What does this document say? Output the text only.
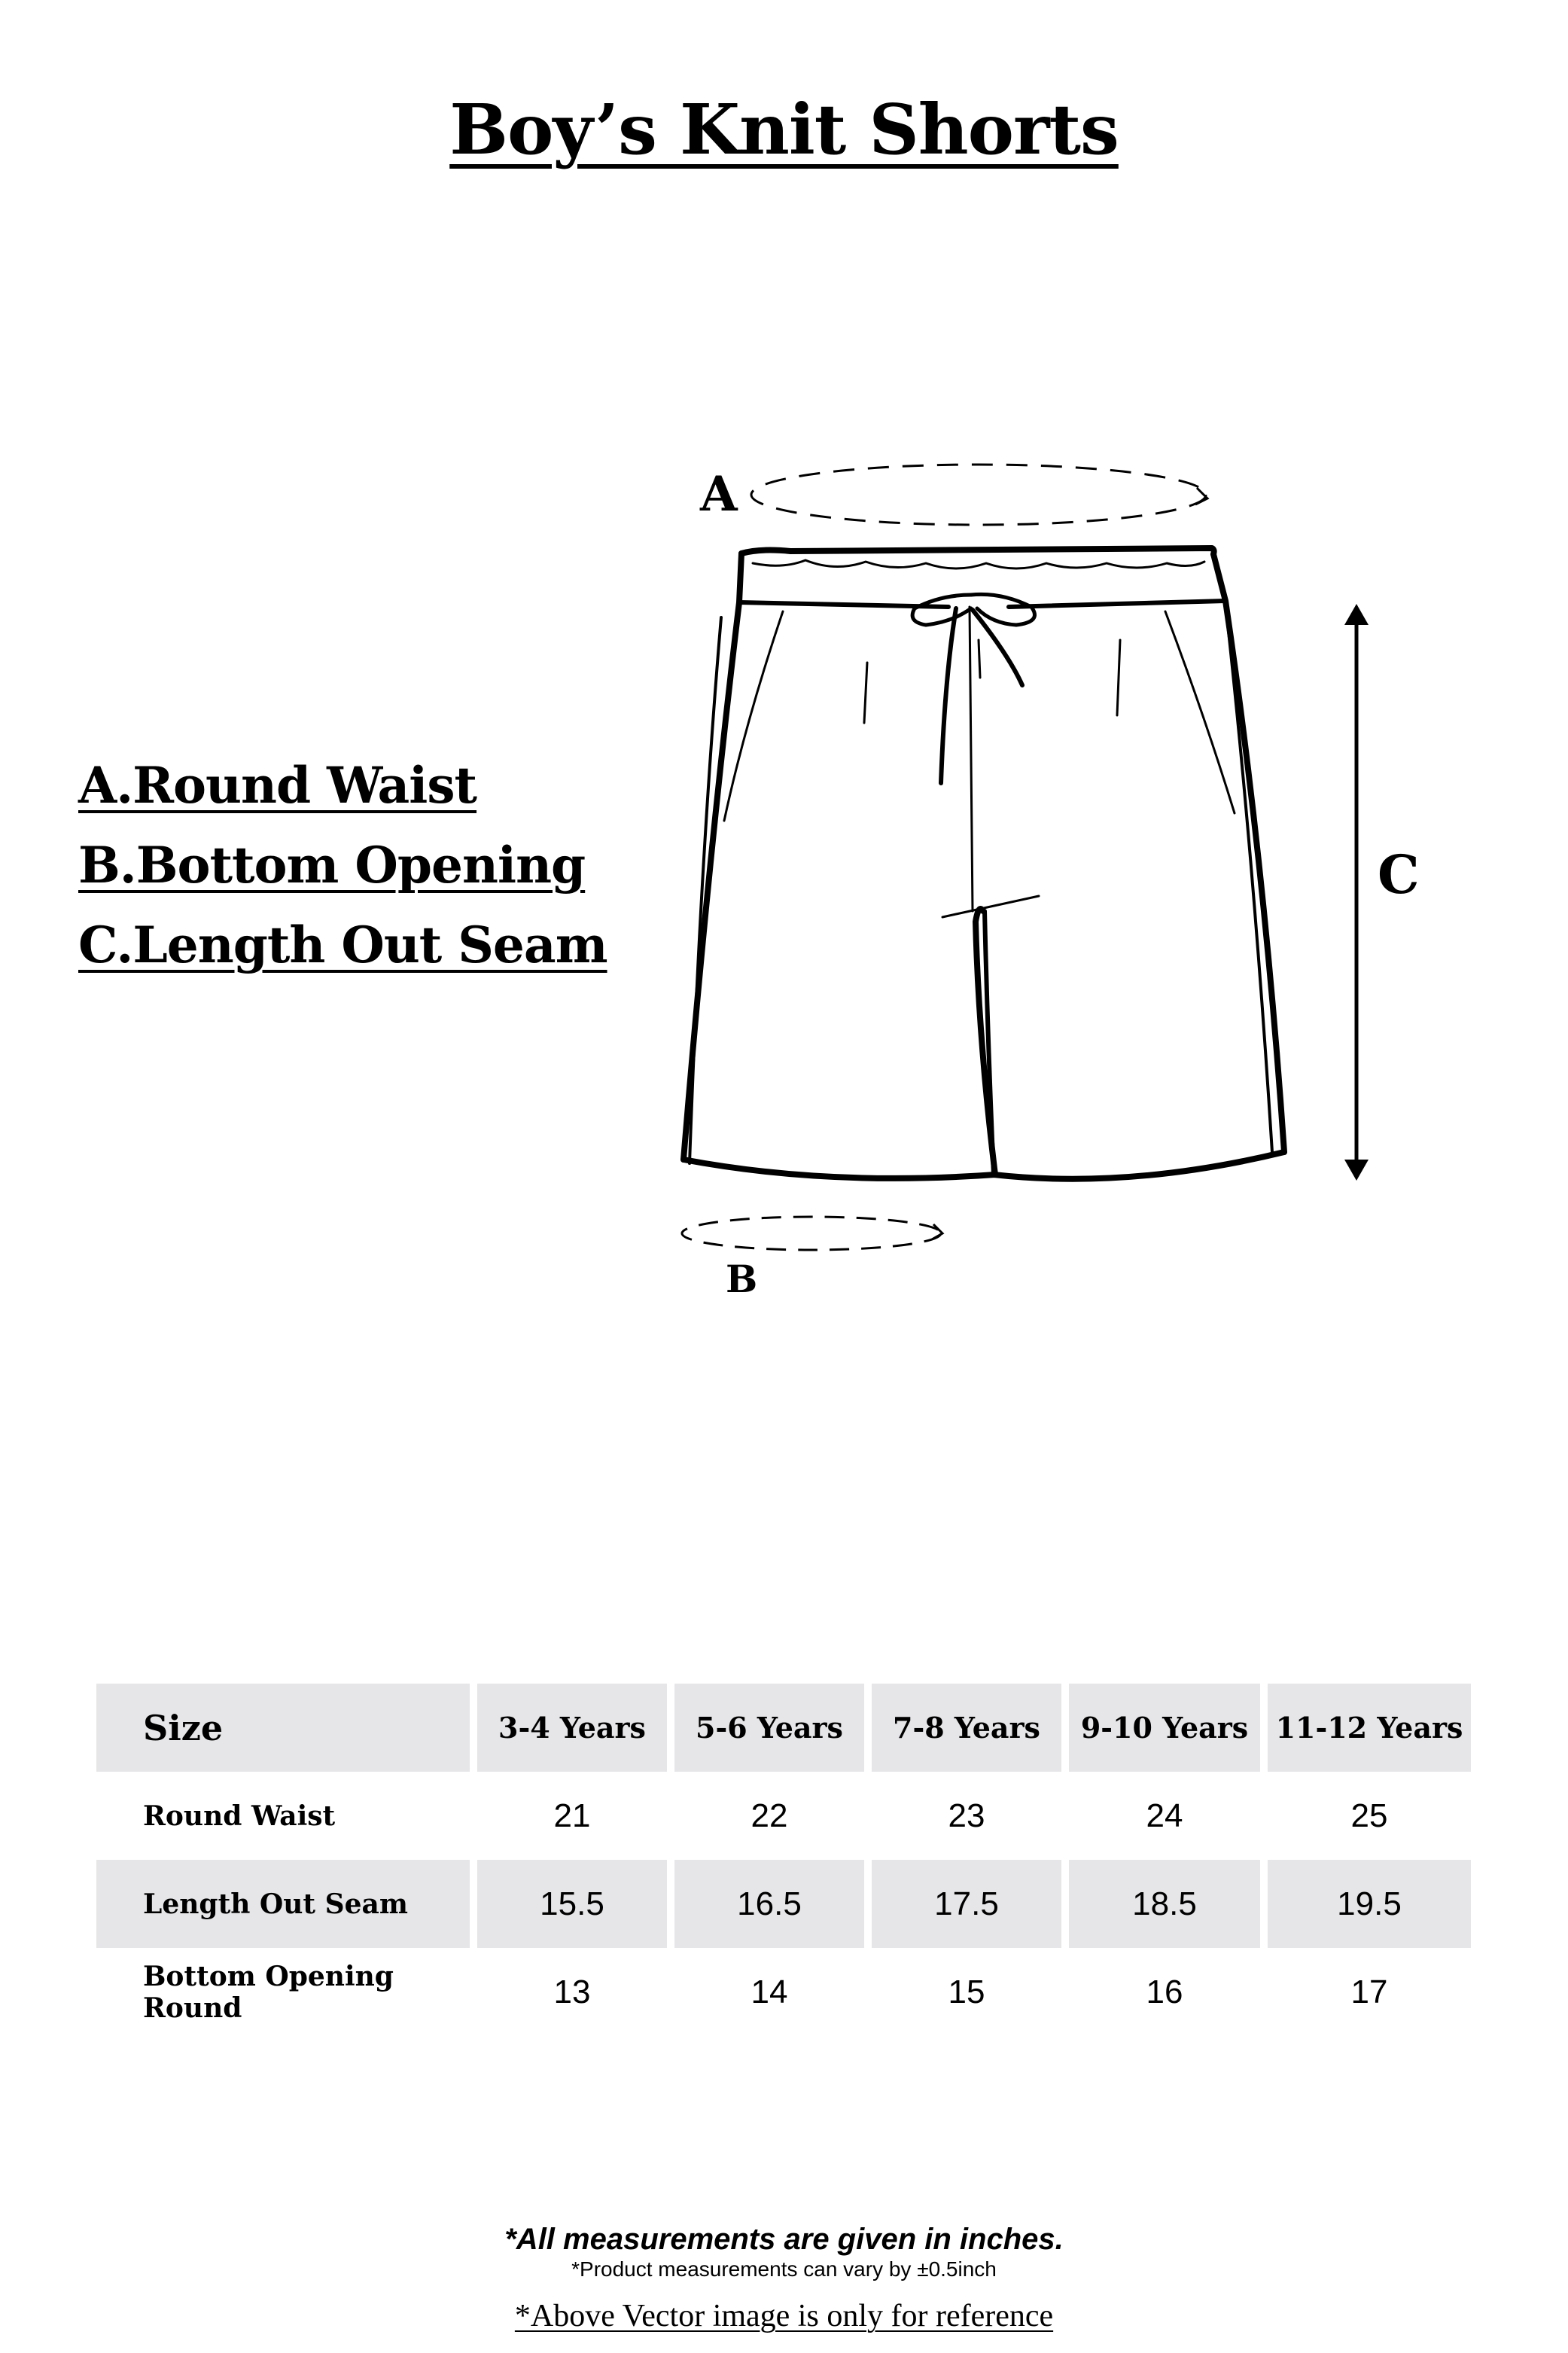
Boy’s Knit Shorts
A.Round Waist
B.Bottom Opening
C.Length Out Seam
A
B
C
Size	3-4 Years	5-6 Years	7-8 Years	9-10 Years	11-12 Years
Round Waist	21	22	23	24	25
Length Out Seam	15.5	16.5	17.5	18.5	19.5
Bottom Opening Round	13	14	15	16	17
*All measurements are given in inches.
*Product measurements can vary by ±0.5inch
*Above Vector image is only for reference
